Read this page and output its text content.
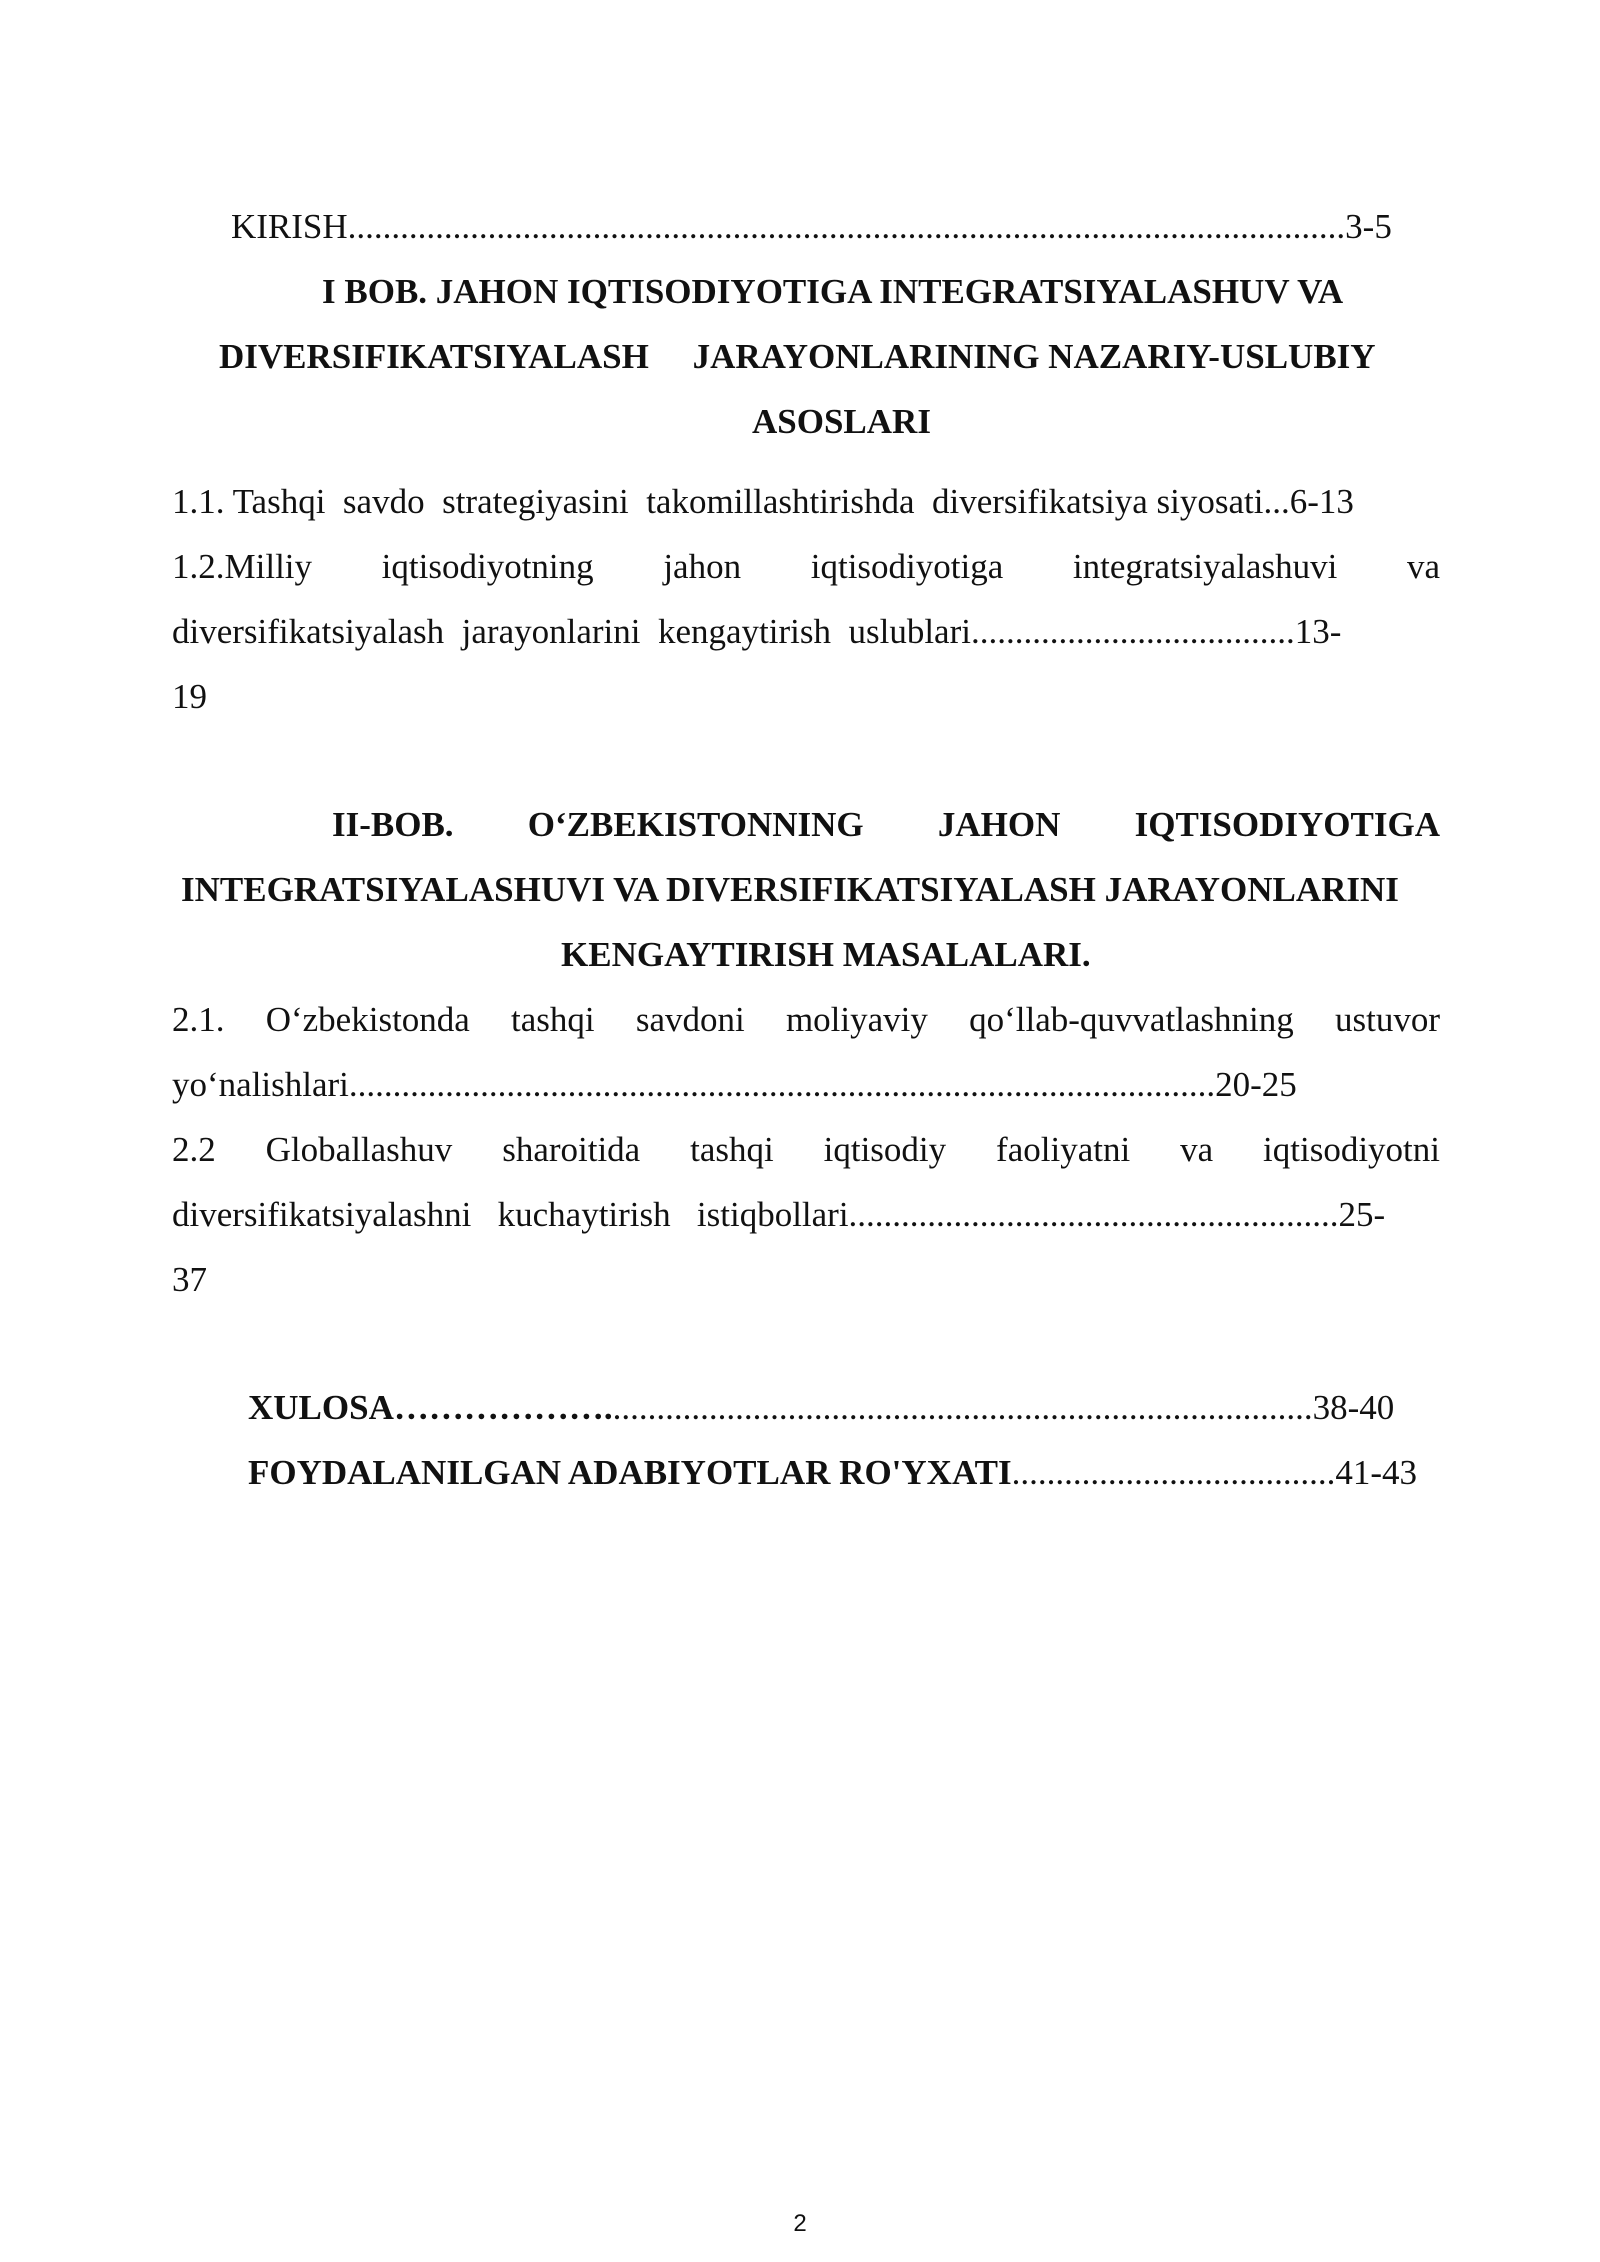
KIRISH..................................................................................................................3-5
I BOB. JAHON IQTISODIYOTIGA INTEGRATSIYALASHUV VA
DIVERSIFIKATSIYALASH     JARAYONLARINING NAZARIY-USLUBIY
ASOSLARI
1.1. Tashqi  savdo  strategiyasini  takomillashtirishda  diversifikatsiya siyosati...6-13
1.2.Milliy iqtisodiyotning jahon iqtisodiyotiga integratsiyalashuvi va
diversifikatsiyalash  jarayonlarini  kengaytirish  uslublari.....................................13-
19
II-BOB. O‘ZBEKISTONNING JAHON IQTISODIYOTIGA
INTEGRATSIYALASHUVI VA DIVERSIFIKATSIYALASH JARAYONLARINI
KENGAYTIRISH MASALALARI.
2.1. O‘zbekistonda tashqi savdoni moliyaviy qo‘llab-quvvatlashning ustuvor
yo‘nalishlari...................................................................................................20-25
2.2 Globallashuv sharoitida tashqi iqtisodiy faoliyatni va iqtisodiyotni
diversifikatsiyalashni   kuchaytirish   istiqbollari........................................................25-
37
XULOSA……………….................................................................................38-40
FOYDALANILGAN ADABIYOTLAR RO'YXATI.....................................41-43
2
